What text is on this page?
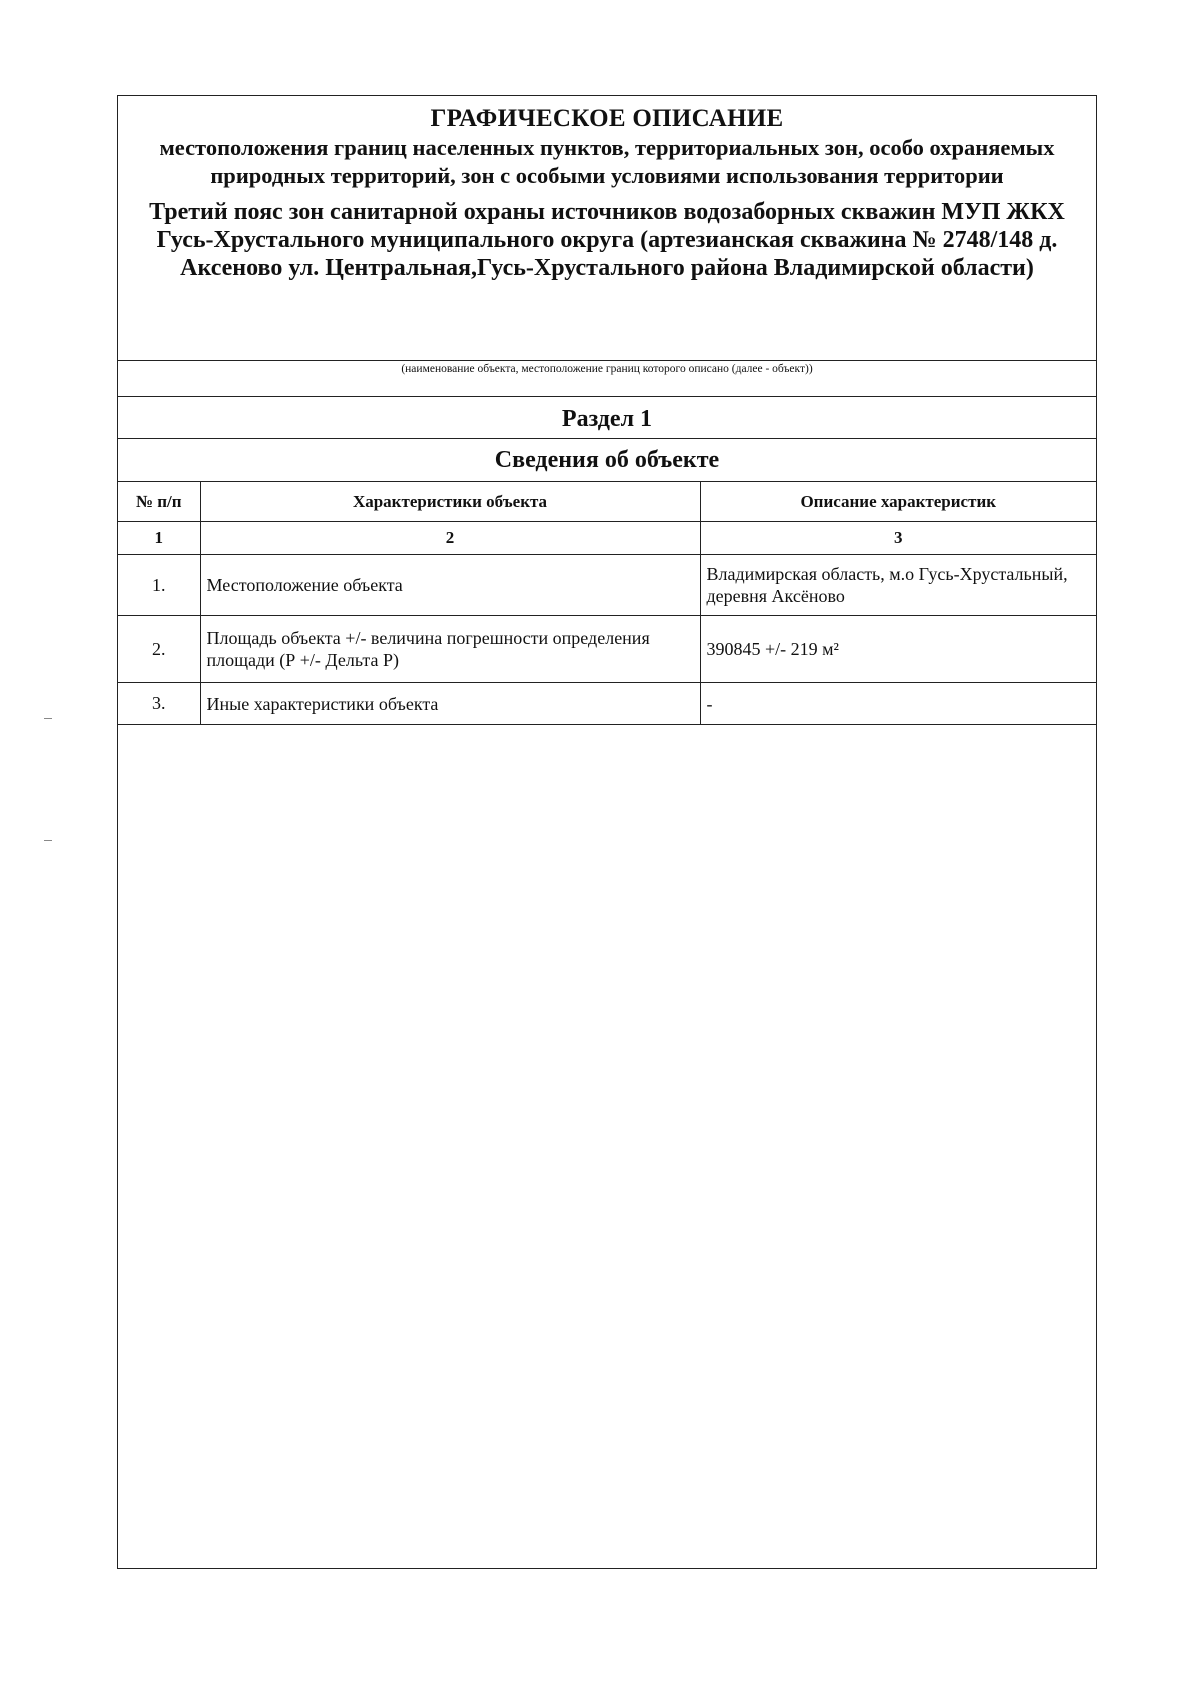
ГРАФИЧЕСКОЕ ОПИСАНИЕ
местоположения границ населенных пунктов, территориальных зон, особо охраняемых природных территорий, зон с особыми условиями использования территории
Третий пояс зон санитарной охраны источников водозаборных скважин МУП ЖКХ Гусь-Хрустального муниципального округа (артезианская скважина № 2748/148 д. Аксеново ул. Центральная,Гусь-Хрустального района Владимирской области)
(наименование объекта, местоположение границ которого описано (далее - объект))
Раздел 1
Сведения об объекте
№ п/п	Характеристики объекта	Описание характеристик
1	2	3
1.	Местоположение объекта	Владимирская область, м.о Гусь-Хрустальный, деревня Аксёново
2.	Площадь объекта +/- величина погрешности определения площади (Р +/- Дельта Р)	390845 +/- 219 м²
3.	Иные характеристики объекта	-
